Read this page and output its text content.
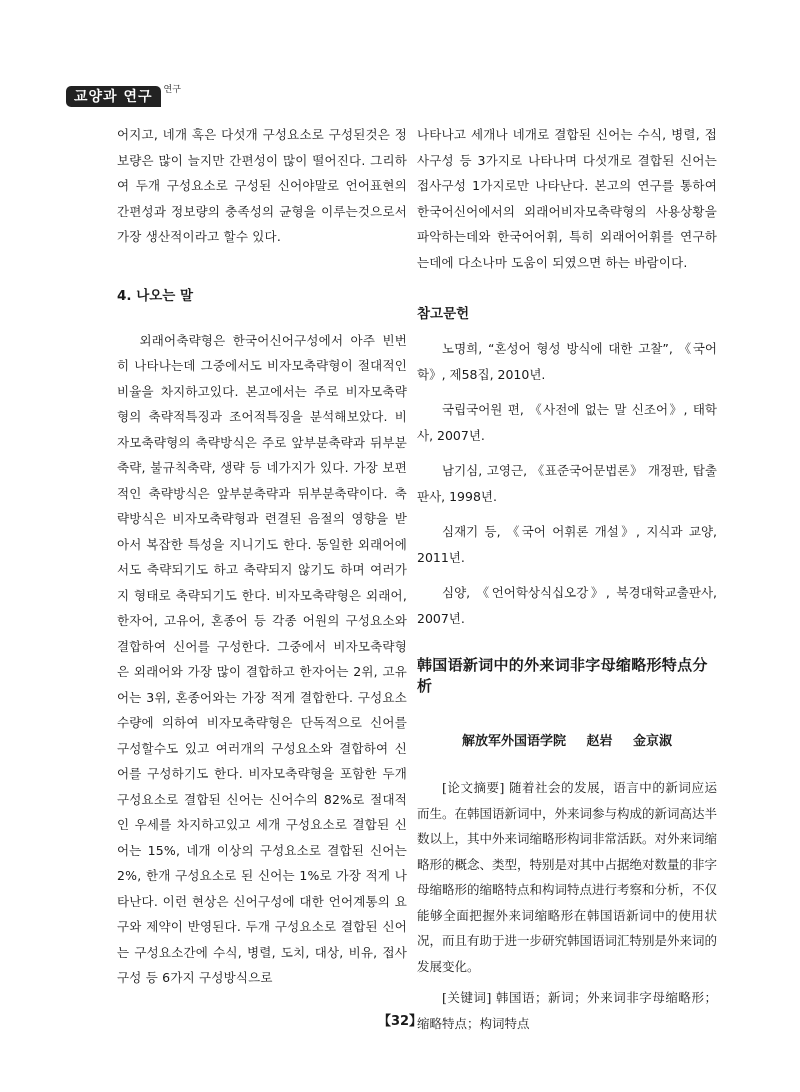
교양과 연구	연구

어지고, 네개 혹은 다섯개 구성요소로 구성된것은 정보량은 많이 늘지만 간편성이 많이 떨어진다. 그리하여 두개 구성요소로 구성된 신어야말로 언어표현의 간편성과 정보량의 충족성의 균형을 이루는것으로서 가장 생산적이라고 할수 있다.

4. 나오는 말

외래어축략형은 한국어신어구성에서 아주 빈번히 나타나는데 그중에서도 비자모축략형이 절대적인 비율을 차지하고있다. 본고에서는 주로 비자모축략형의 축략적특징과 조어적특징을 분석해보았다. 비자모축략형의 축략방식은 주로 앞부분축략과 뒤부분축략, 불규칙축략, 생략 등 네가지가 있다. 가장 보편적인 축략방식은 앞부분축략과 뒤부분축략이다. 축략방식은 비자모축략형과 련결된 음절의 영향을 받아서 복잡한 특성을 지니기도 한다. 동일한 외래어에서도 축략되기도 하고 축략되지 않기도 하며 여러가지 형태로 축략되기도 한다. 비자모축략형은 외래어, 한자어, 고유어, 혼종어 등 각종 어원의 구성요소와 결합하여 신어를 구성한다. 그중에서 비자모축략형은 외래어와 가장 많이 결합하고 한자어는 2위, 고유어는 3위, 혼종어와는 가장 적게 결합한다. 구성요소수량에 의하여 비자모축략형은 단독적으로 신어를 구성할수도 있고 여러개의 구성요소와 결합하여 신어를 구성하기도 한다. 비자모축략형을 포함한 두개 구성요소로 결합된 신어는 신어수의 82%로 절대적인 우세를 차지하고있고 세개 구성요소로 결합된 신어는 15%, 네개 이상의 구성요소로 결합된 신어는 2%, 한개 구성요소로 된 신어는 1%로 가장 적게 나타난다. 이런 현상은 신어구성에 대한 언어계통의 요구와 제약이 반영된다. 두개 구성요소로 결합된 신어는 구성요소간에 수식, 병렬, 도치, 대상, 비유, 접사구성 등 6가지 구성방식으로

나타나고 세개나 네개로 결합된 신어는 수식, 병렬, 접사구성 등 3가지로 나타나며 다섯개로 결합된 신어는 접사구성 1가지로만 나타난다. 본고의 연구를 통하여 한국어신어에서의 외래어비자모축략형의 사용상황을 파악하는데와 한국어어휘, 특히 외래어어휘를 연구하는데에 다소나마 도움이 되였으면 하는 바람이다.

참고문헌

노명희, “혼성어 형성 방식에 대한 고찰”, 《국어학》, 제58집, 2010년.

국립국어원 편, 《사전에 없는 말 신조어》, 태학사, 2007년.

남기심, 고영근, 《표준국어문법론》 개정판, 탑출판사, 1998년.

심재기 등, 《국어 어휘론 개설》, 지식과 교양, 2011년.

심양, 《언어학상식십오강》, 북경대학교출판사, 2007년.

韩国语新词中的外来词非字母缩略形特点分析
解放军外国语学院 赵岩 金京淑

[论文摘要] 随着社会的发展，语言中的新词应运而生。在韩国语新词中，外来词参与构成的新词高达半数以上，其中外来词缩略形构词非常活跃。对外来词缩略形的概念、类型，特别是对其中占据绝对数量的非字母缩略形的缩略特点和构词特点进行考察和分析，不仅能够全面把握外来词缩略形在韩国语新词中的使用状况，而且有助于进一步研究韩国语词汇特别是外来词的发展变化。

[关键词] 韩国语；新词；外来词非字母缩略形；缩略特点；构词特点

【32】
